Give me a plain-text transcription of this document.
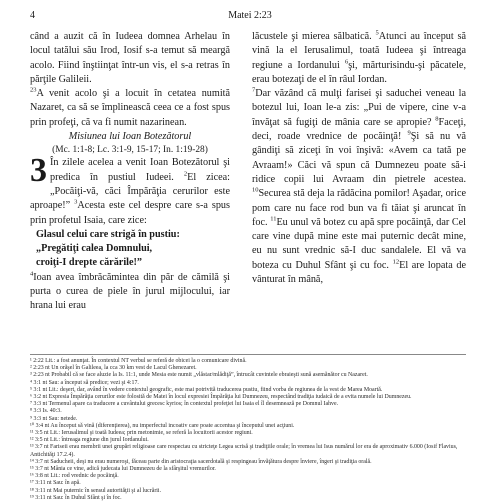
4	Matei 2:23

când a auzit că în Iudeea domnea Arhelau în locul tatălui său Irod, Iosif s-a temut să meargă acolo. Fiind înştiinţat într-un vis, el s-a retras în părţile Galileii.

$^{23}$A venit acolo şi a locuit în cetatea numită Nazaret, ca să se împlinească ceea ce a fost spus prin profeţi, că va fi numit nazarinean.

Misiunea lui Ioan Botezătorul

(Mc. 1:1-8; Lc. 3:1-9, 15-17; In. 1:19-28)

3 În zilele acelea a venit Ioan Botezătorul şi predica în pustiul Iudeei. $^2$El zicea: „Pocăiţi-vă, căci Împărăţia cerurilor este aproape!” $^3$Acesta este cel despre care s-a spus prin profetul Isaia, care zice:

Glasul celui care strigă în pustiu:
„Pregătiţi calea Domnului,
croiţi-I drepte cărările!”

$^4$Ioan avea îmbrăcămintea din păr de cămilă şi purta o curea de piele în jurul mijlocului, iar hrana lui erau

lăcustele şi mierea sălbatică. $^5$Atunci au început să vină la el Ierusalimul, toată Iudeea şi întreaga regiune a Iordanului $^6$şi, mărturisindu-şi păcatele, erau botezaţi de el în râul Iordan.

$^7$Dar văzând că mulţi farisei şi saduchei veneau la botezul lui, Ioan le-a zis: „Pui de vipere, cine v-a învăţat să fugiţi de mânia care se apropie? $^8$Faceţi, deci, roade vrednice de pocăinţă! $^9$Şi să nu vă gândiţi să ziceţi în voi înşivă: «Avem ca tată pe Avraam!» Căci vă spun că Dumnezeu poate să-i ridice copii lui Avraam din pietrele acestea. $^{10}$Securea stă deja la rădăcina pomilor! Aşadar, orice pom care nu face rod bun va fi tăiat şi aruncat în foc. $^{11}$Eu unul vă botez cu apă spre pocăinţă, dar Cel care vine după mine este mai puternic decât mine, eu nu sunt vrednic să-I duc sandalele. El vă va boteza cu Duhul Sfânt şi cu foc. $^{12}$El are lopata de vânturat în mână,

¹ 2:22 Lit.: a fost anunţat. În contextul NT verbul se referă de obicei la o comunicare divină.

² 2:23 nt Un orăşel în Galileea, la cca 30 km vest de Lacul Ghenezaret.

³ 2:23 nt Probabil că se face aluzie la Is. 11:1, unde Mesia este numit „vlăstar/mlădiţă”, întrucât cuvintele ebraieşti sună asemănător cu Nazaret.

⁴ 3:1 nt Sau: a început să predice; vezi şi 4:17.

⁵ 3:1 nt Lit.: deşert, dar, având în vedere contextul geografic, este mai potrivită traducerea pustiu, fiind vorba de regiunea de la vest de Marea Moartă.

⁶ 3:2 nt Expresia Împărăţia cerurilor este folosită de Matei în locul expresiei Împărăţia lui Dumnezeu, respectând tradiţia iudaică de a evita numele lui Dumnezeu.

⁷ 3:3 nt Termenul apare ca traducere a cuvântului grecesc kyrios; în contextul profeţiei lui Isaia el îl desemnează pe Domnul Iahve.

⁸ 3:3 Is. 40:3.

⁹ 3:3 nt Sau: netede.

¹⁰ 3:4 nt Au început să vină (diferenţierea), nu imperfectul incoativ care poate accentua şi începutul unei acţiuni.

¹¹ 3:5 nt Lit.: Ierusalimul şi toată Iudeea; prin metonimie, se referă la locuitorii acestor regiuni.

¹² 3:5 nt Lit.: întreaga regiune din jurul Iordanului.

¹³ 3:7 nt Fariseii erau membrii unei grupări religioase care respectau cu stricteţe Legea scrisă şi tradiţiile orale; în vremea lui Isus numărul lor era de aproximativ 6.000 (Iosif Flavius, Antichităţi 17.2.4).

¹⁴ 3:7 nt Saducheii, deşi nu erau numeroşi, făceau parte din aristocraţia sacerdotală şi respingeau învăţătura despre înviere, îngeri şi tradiţia orală.

¹⁵ 3:7 nt Mânia ce vine, adică judecata lui Dumnezeu de la sfârşitul vremurilor.

¹⁶ 3:8 nt Lit.: rod vrednic de pocăinţă.

¹⁷ 3:11 nt Sau: în apă.

¹⁸ 3:11 nt Mai puternic în sensul autorităţii şi al lucrării.

¹⁹ 3:11 nt Sau: în Duhul Sfânt şi în foc.
